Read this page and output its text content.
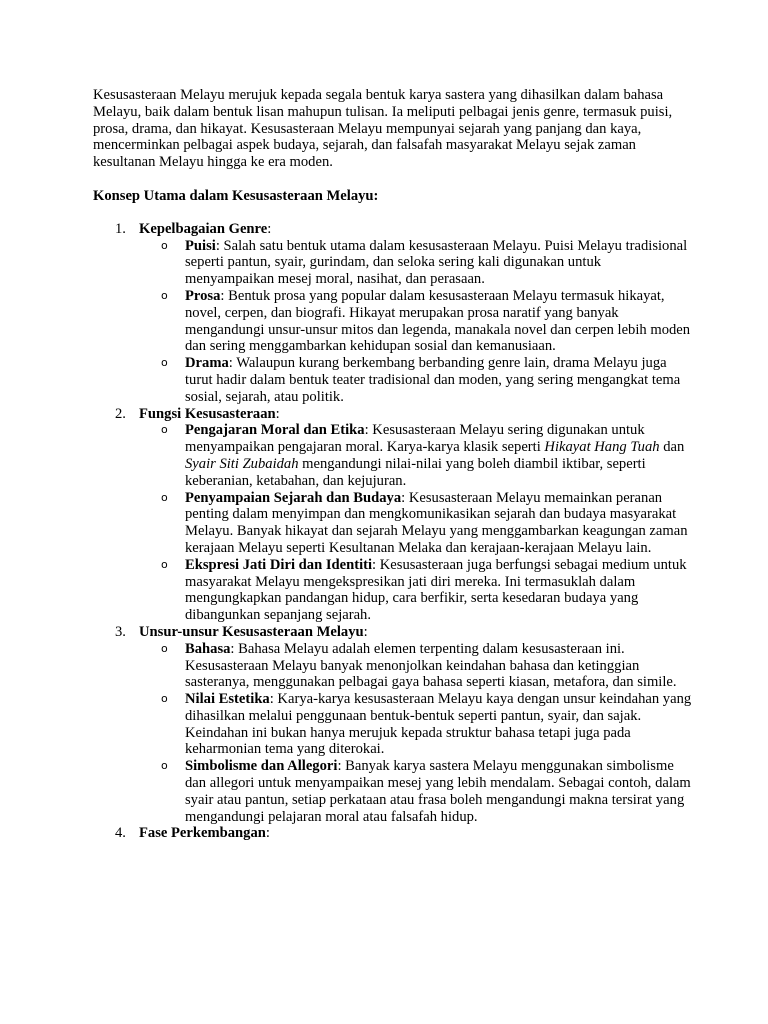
Kesusasteraan Melayu merujuk kepada segala bentuk karya sastera yang dihasilkan dalam bahasa Melayu, baik dalam bentuk lisan mahupun tulisan. Ia meliputi pelbagai jenis genre, termasuk puisi, prosa, drama, dan hikayat. Kesusasteraan Melayu mempunyai sejarah yang panjang dan kaya, mencerminkan pelbagai aspek budaya, sejarah, dan falsafah masyarakat Melayu sejak zaman kesultanan Melayu hingga ke era moden.

Konsep Utama dalam Kesusasteraan Melayu:

1. Kepelbagaian Genre:
o Puisi: Salah satu bentuk utama dalam kesusasteraan Melayu. Puisi Melayu tradisional seperti pantun, syair, gurindam, dan seloka sering kali digunakan untuk menyampaikan mesej moral, nasihat, dan perasaan.
o Prosa: Bentuk prosa yang popular dalam kesusasteraan Melayu termasuk hikayat, novel, cerpen, dan biografi. Hikayat merupakan prosa naratif yang banyak mengandungi unsur-unsur mitos dan legenda, manakala novel dan cerpen lebih moden dan sering menggambarkan kehidupan sosial dan kemanusiaan.
o Drama: Walaupun kurang berkembang berbanding genre lain, drama Melayu juga turut hadir dalam bentuk teater tradisional dan moden, yang sering mengangkat tema sosial, sejarah, atau politik.
2. Fungsi Kesusasteraan:
o Pengajaran Moral dan Etika: Kesusasteraan Melayu sering digunakan untuk menyampaikan pengajaran moral. Karya-karya klasik seperti Hikayat Hang Tuah dan Syair Siti Zubaidah mengandungi nilai-nilai yang boleh diambil iktibar, seperti keberanian, ketabahan, dan kejujuran.
o Penyampaian Sejarah dan Budaya: Kesusasteraan Melayu memainkan peranan penting dalam menyimpan dan mengkomunikasikan sejarah dan budaya masyarakat Melayu. Banyak hikayat dan sejarah Melayu yang menggambarkan keagungan zaman kerajaan Melayu seperti Kesultanan Melaka dan kerajaan-kerajaan Melayu lain.
o Ekspresi Jati Diri dan Identiti: Kesusasteraan juga berfungsi sebagai medium untuk masyarakat Melayu mengekspresikan jati diri mereka. Ini termasuklah dalam mengungkapkan pandangan hidup, cara berfikir, serta kesedaran budaya yang dibangunkan sepanjang sejarah.
3. Unsur-unsur Kesusasteraan Melayu:
o Bahasa: Bahasa Melayu adalah elemen terpenting dalam kesusasteraan ini. Kesusasteraan Melayu banyak menonjolkan keindahan bahasa dan ketinggian sasteranya, menggunakan pelbagai gaya bahasa seperti kiasan, metafora, dan simile.
o Nilai Estetika: Karya-karya kesusasteraan Melayu kaya dengan unsur keindahan yang dihasilkan melalui penggunaan bentuk-bentuk seperti pantun, syair, dan sajak. Keindahan ini bukan hanya merujuk kepada struktur bahasa tetapi juga pada keharmonian tema yang diterokai.
o Simbolisme dan Allegori: Banyak karya sastera Melayu menggunakan simbolisme dan allegori untuk menyampaikan mesej yang lebih mendalam. Sebagai contoh, dalam syair atau pantun, setiap perkataan atau frasa boleh mengandungi makna tersirat yang mengandungi pelajaran moral atau falsafah hidup.
4. Fase Perkembangan:
